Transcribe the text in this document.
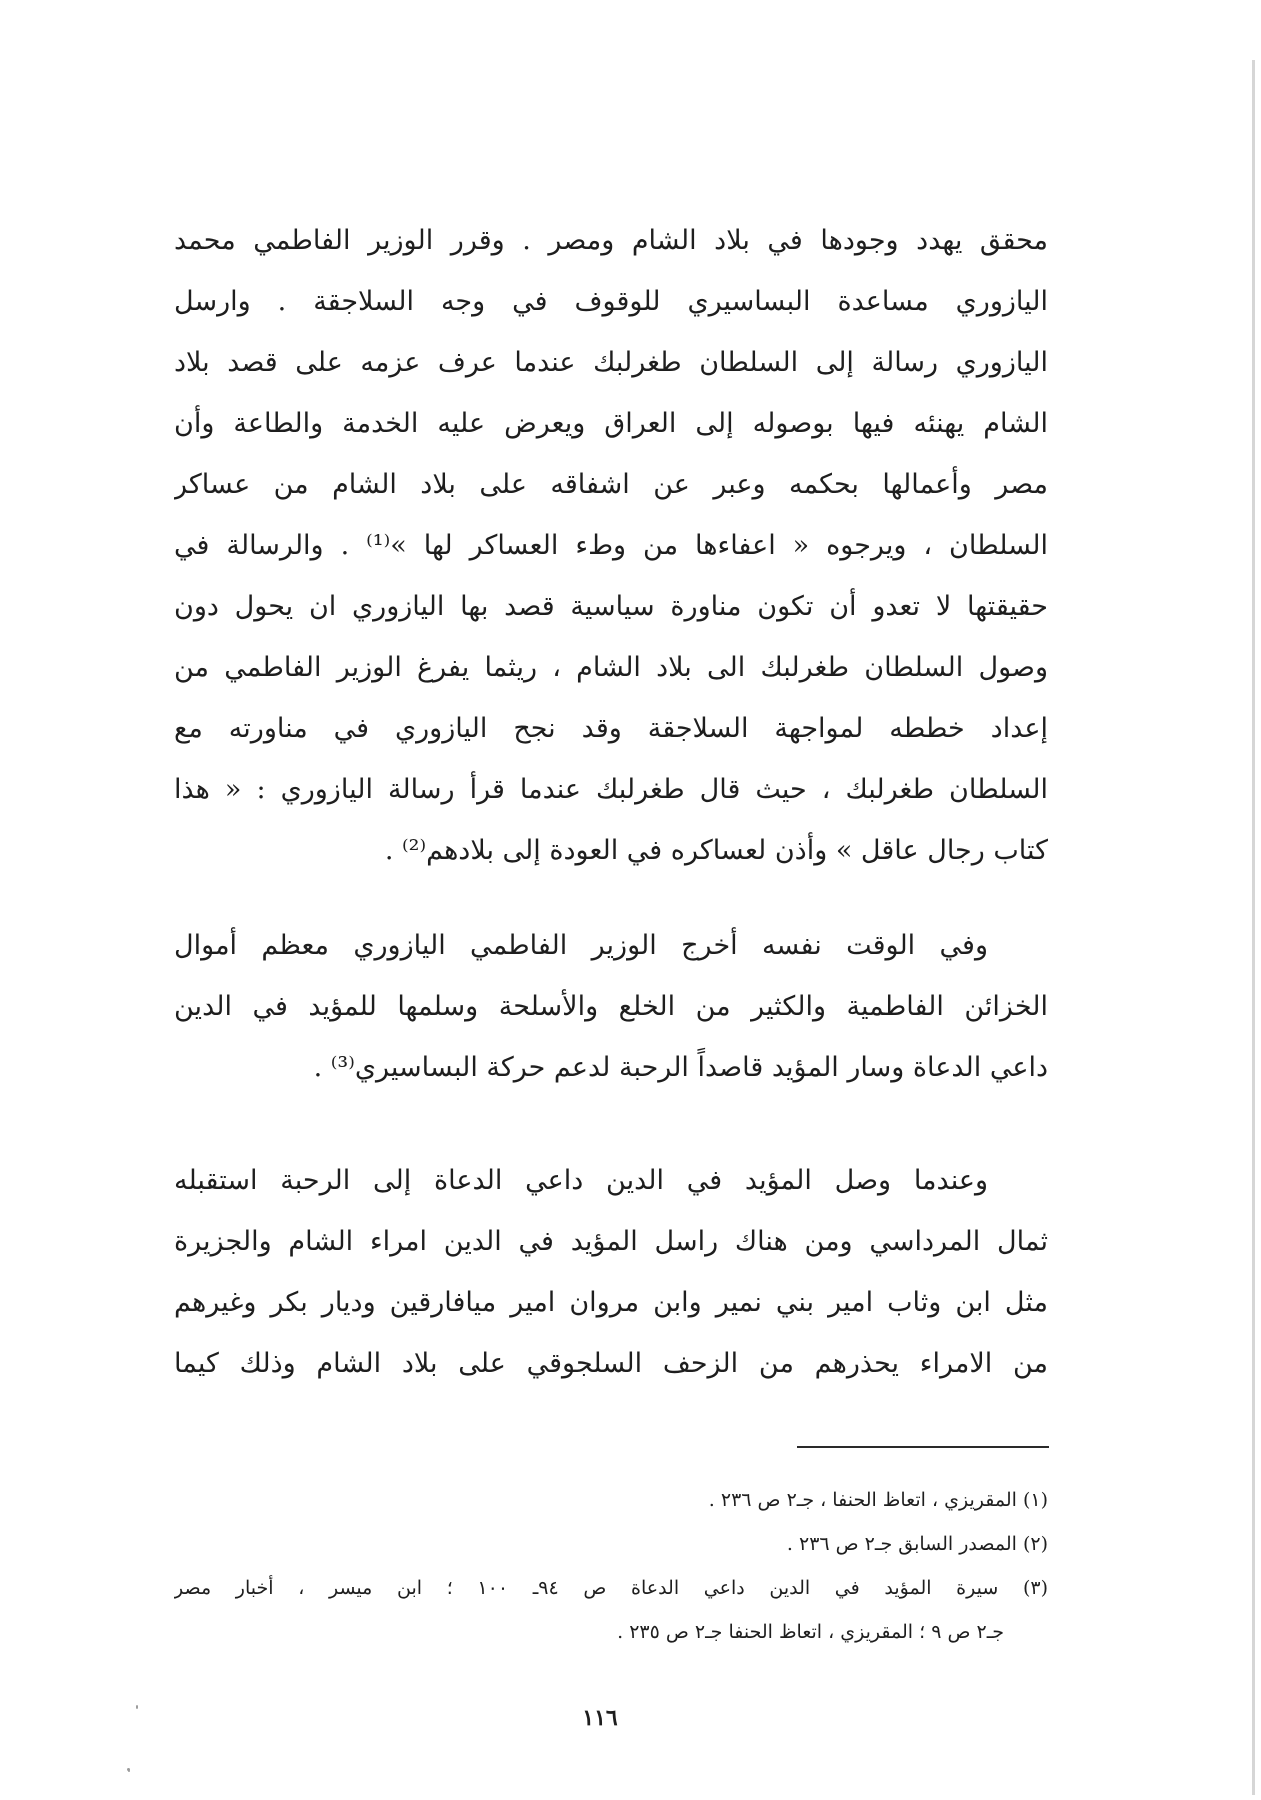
محقق يهدد وجودها في بلاد الشام ومصر . وقرر الوزير الفاطمي محمد
اليازوري مساعدة البساسيري للوقوف في وجه السلاجقة . وارسل
اليازوري رسالة إلى السلطان طغرلبك عندما عرف عزمه على قصد بلاد
الشام يهنئه فيها بوصوله إلى العراق ويعرض عليه الخدمة والطاعة وأن
مصر وأعمالها بحكمه وعبر عن اشفاقه على بلاد الشام من عساكر
السلطان ، ويرجوه « اعفاءها من وطء العساكر لها »⁽¹⁾ . والرسالة في
حقيقتها لا تعدو أن تكون مناورة سياسية قصد بها اليازوري ان يحول دون
وصول السلطان طغرلبك الى بلاد الشام ، ريثما يفرغ الوزير الفاطمي من
إعداد خططه لمواجهة السلاجقة وقد نجح اليازوري في مناورته مع
السلطان طغرلبك ، حيث قال طغرلبك عندما قرأ رسالة اليازوري : « هذا
كتاب رجال عاقل » وأذن لعساكره في العودة إلى بلادهم⁽²⁾ .
وفي الوقت نفسه أخرج الوزير الفاطمي اليازوري معظم أموال
الخزائن الفاطمية والكثير من الخلع والأسلحة وسلمها للمؤيد في الدين
داعي الدعاة وسار المؤيد قاصداً الرحبة لدعم حركة البساسيري⁽³⁾ .
وعندما وصل المؤيد في الدين داعي الدعاة إلى الرحبة استقبله
ثمال المرداسي ومن هناك راسل المؤيد في الدين امراء الشام والجزيرة
مثل ابن وثاب امير بني نمير وابن مروان امير ميافارقين وديار بكر وغيرهم
من الامراء يحذرهم من الزحف السلجوقي على بلاد الشام وذلك كيما
(١) المقريزي ، اتعاظ الحنفا ، جـ٢ ص ٢٣٦ .
(٢) المصدر السابق جـ٢ ص ٢٣٦ .
(٣) سيرة المؤيد في الدين داعي الدعاة ص ٩٤ـ ١٠٠ ؛ ابن ميسر ، أخبار مصر
جـ٢ ص ٩ ؛ المقريزي ، اتعاظ الحنفا جـ٢ ص ٢٣٥ .
١١٦
